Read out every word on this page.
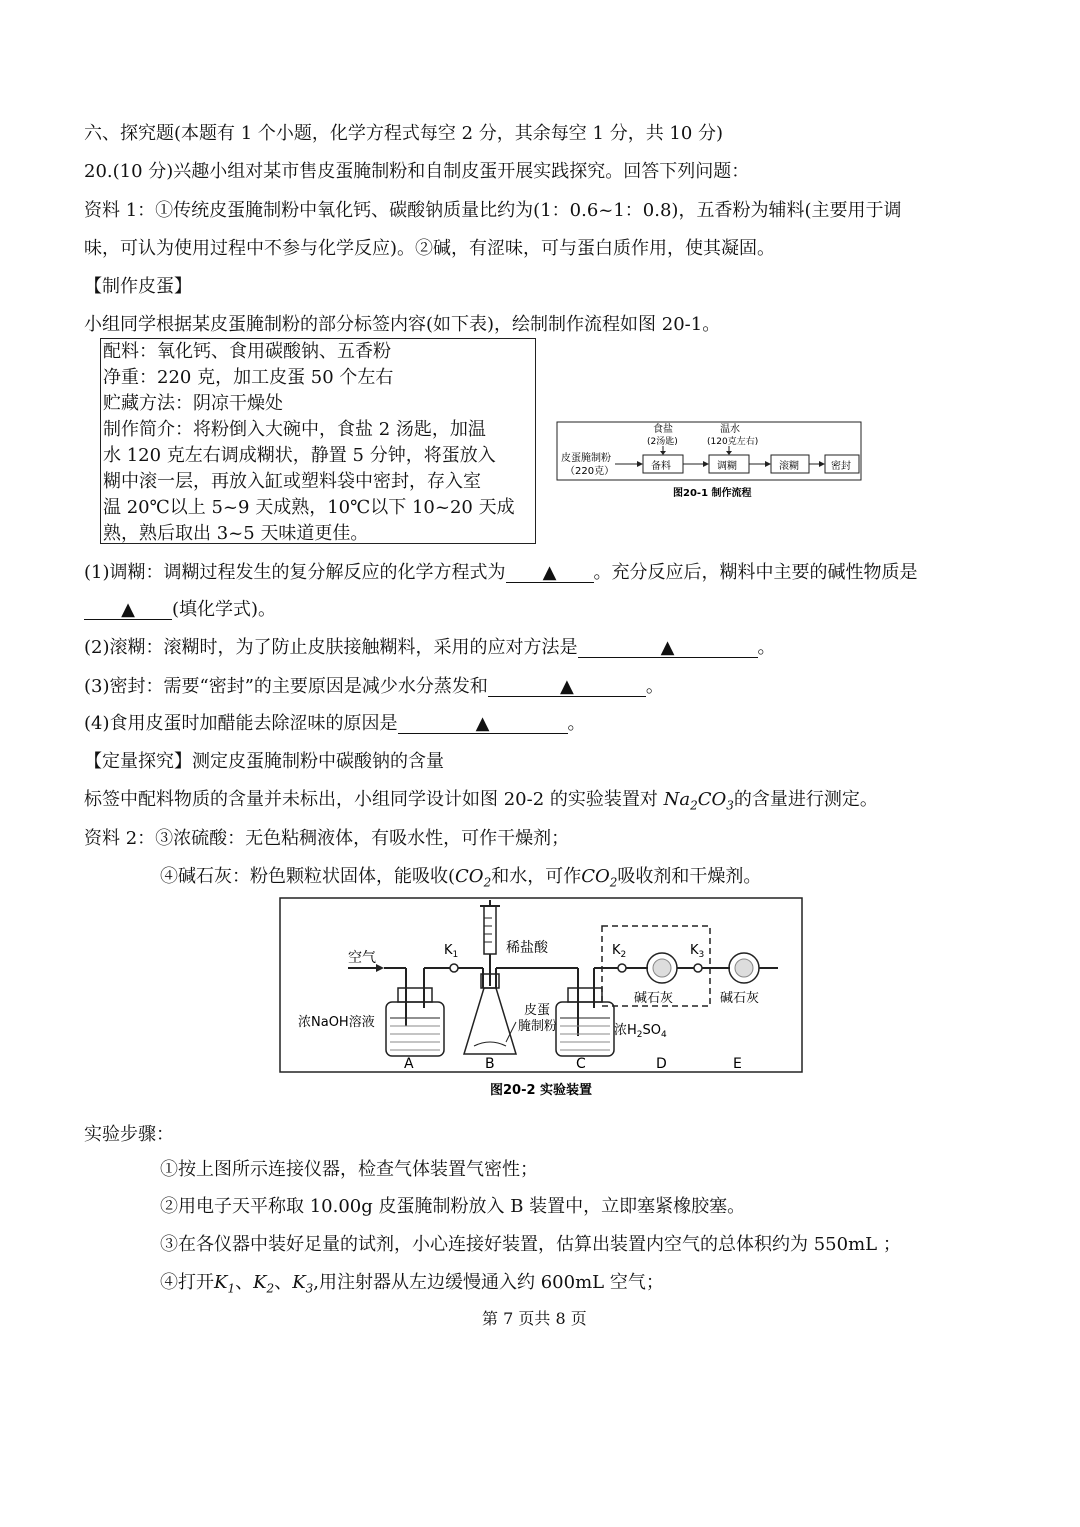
六、探究题(本题有 1 个小题，化学方程式每空 2 分，其余每空 1 分，共 10 分)
20.(10 分)兴趣小组对某市售皮蛋腌制粉和自制皮蛋开展实践探究。回答下列问题：
资料 1：①传统皮蛋腌制粉中氧化钙、碳酸钠质量比约为(1：0.6~1：0.8)，五香粉为辅料(主要用于调
味，可认为使用过程中不参与化学反应)。②碱，有涩味，可与蛋白质作用，使其凝固。
【制作皮蛋】
小组同学根据某皮蛋腌制粉的部分标签内容(如下表)，绘制制作流程如图 20-1。
配料：氧化钙、食用碳酸钠、五香粉
净重：220 克，加工皮蛋 50 个左右
贮藏方法：阴凉干燥处
制作简介：将粉倒入大碗中，食盐 2 汤匙，加温
水 120 克左右调成糊状，静置 5 分钟，将蛋放入
糊中滚一层，再放入缸或塑料袋中密封，存入室
温 20℃以上 5~9 天成熟，10℃以下 10~20 天成
熟，熟后取出 3~5 天味道更佳。
皮蛋腌制粉
（220克）	备料	调糊	滚糊	密封
食盐
(2汤匙)
温水
(120克左右)
图20-1 制作流程
(1)调糊：调糊过程发生的复分解反应的化学方程式为 ▲ 。充分反应后，糊料中主要的碱性物质是
▲ (填化学式)。
(2)滚糊：滚糊时，为了防止皮肤接触糊料，采用的应对方法是	▲	。
(3)密封：需要“密封”的主要原因是减少水分蒸发和	▲	。
(4)食用皮蛋时加醋能去除涩味的原因是	▲	。
【定量探究】测定皮蛋腌制粉中碳酸钠的含量
标签中配料物质的含量并未标出，小组同学设计如图 20-2 的实验装置对 $Na_2CO_3$的含量进行测定。
资料 2：③浓硫酸：无色粘稠液体，有吸水性，可作干燥剂；
④碱石灰：粉色颗粒状固体，能吸收($CO_2$和水，可作$CO_2$吸收剂和干燥剂。
空气
浓NaOH溶液
$K_1$	稀盐酸
皮蛋
腌制粉	浓$H_2SO_4$
$K_2$
碱石灰
$K_3$
碱石灰
A	B	C	D	E
图20-2 实验装置
实验步骤：
①按上图所示连接仪器，检查气体装置气密性；
②用电子天平称取 10.00g 皮蛋腌制粉放入 B 装置中，立即塞紧橡胶塞。
③在各仪器中装好足量的试剂，小心连接好装置，估算出装置内空气的总体积约为 550mL ；
④打开$K_1$、$K_2$、$K_3$,用注射器从左边缓慢通入约 600mL 空气；
第 7 页共 8 页
